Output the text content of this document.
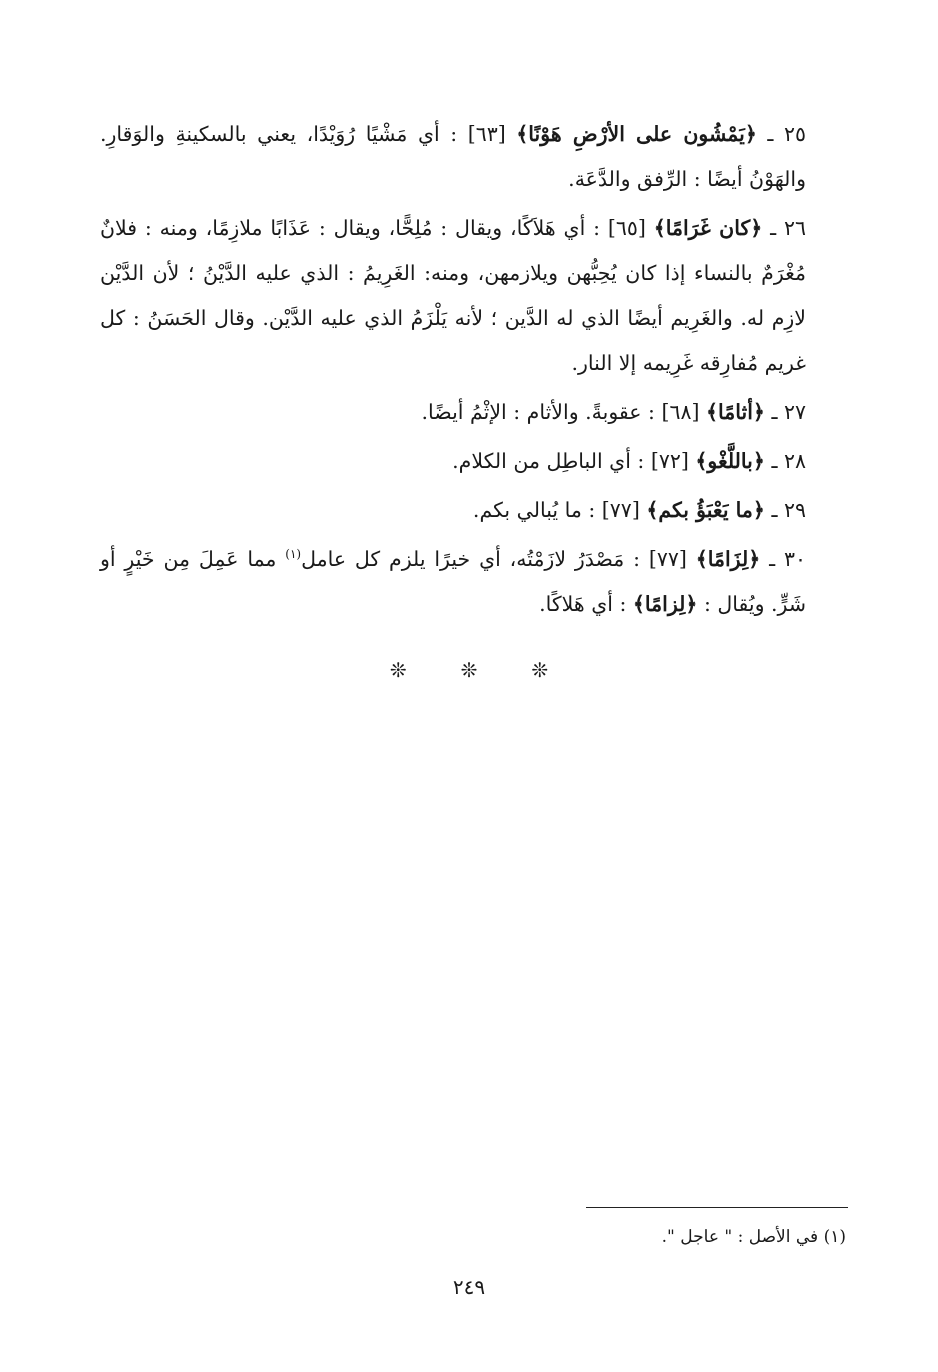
٢٥ ـ ﴿يَمْشُون على الأرْضِ هَوْنًا﴾ [٦٣] : أي مَشْيًا رُوَيْدًا، يعني بالسكينةِ والوَقارِ. والهَوْنُ أيضًا : الرِّفق والدَّعَة.

٢٦ ـ ﴿كان غَرَامًا﴾ [٦٥] : أي هَلاَكًا، ويقال : مُلِحًّا، ويقال : عَذَابًا ملازِمًا، ومنه : فلانٌ مُغْرَمٌ بالنساء إذا كان يُحِبُّهن ويلازمهن، ومنه: الغَرِيمُ : الذي عليه الدَّيْنُ ؛ لأن الدَّيْن لازِم له. والغَرِيم أيضًا الذي له الدَّين ؛ لأنه يَلْزَمُ الذي عليه الدَّيْن. وقال الحَسَنُ : كل غريم مُفارِقه غَرِيمه إلا النار.

٢٧ ـ ﴿أثامًا﴾ [٦٨] : عقوبةً. والأثام : الإثْمُ أيضًا.

٢٨ ـ ﴿باللَّغْو﴾ [٧٢] : أي الباطِل من الكلام.

٢٩ ـ ﴿ما يَعْبَؤُ بكم﴾ [٧٧] : ما يُبالي بكم.

٣٠ ـ ﴿لِزَامًا﴾ [٧٧] : مَصْدَرُ لازَمْتُه، أي خيرًا يلزم كل عامل$^{(١)}$ مما عَمِلَ مِن خَيْرٍ أو شَرٍّ. ويُقال : ﴿لِزامًا﴾ : أي هَلاكًا.

❊	❊	❊
(١) في الأصل : " عاجل ".
٢٤٩
